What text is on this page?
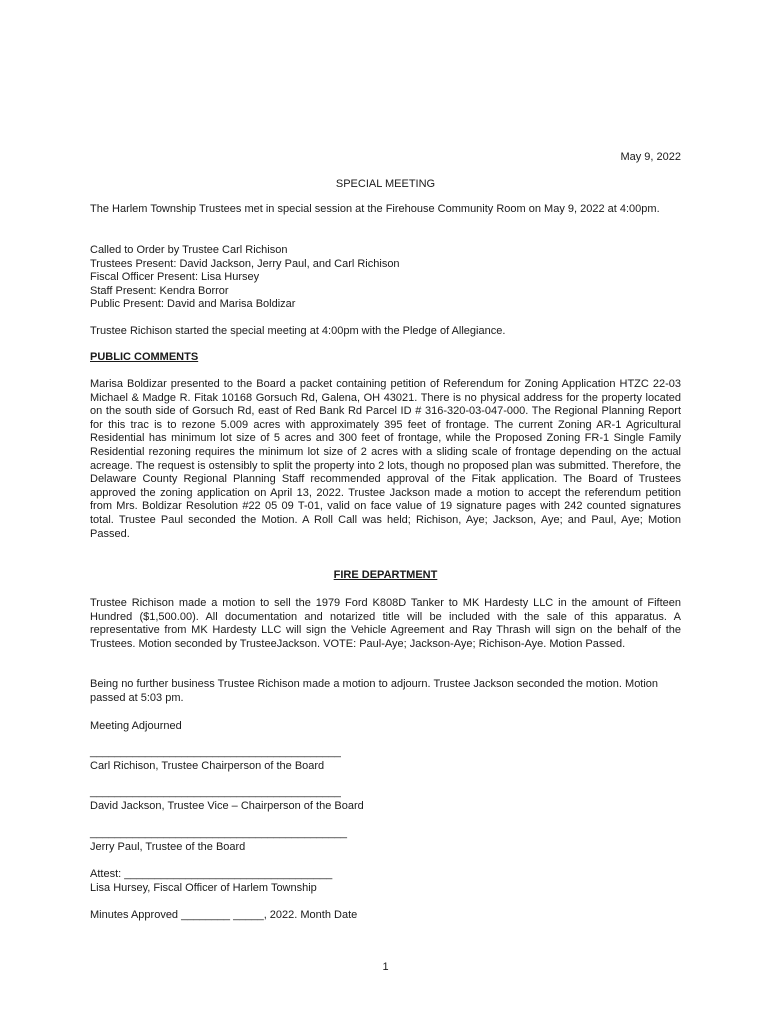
May 9, 2022
SPECIAL MEETING

The Harlem Township Trustees met in special session at the Firehouse Community Room on May 9, 2022 at 4:00pm.

Called to Order by Trustee Carl Richison
Trustees Present: David Jackson, Jerry Paul, and Carl Richison
Fiscal Officer Present: Lisa Hursey
Staff Present: Kendra Borror
Public Present: David and Marisa Boldizar

Trustee Richison started the special meeting at 4:00pm with the Pledge of Allegiance.

PUBLIC COMMENTS

Marisa Boldizar presented to the Board a packet containing petition of Referendum for Zoning Application HTZC 22-03 Michael & Madge R. Fitak 10168 Gorsuch Rd, Galena, OH 43021. There is no physical address for the property located on the south side of Gorsuch Rd, east of Red Bank Rd Parcel ID # 316-320-03-047-000. The Regional Planning Report for this trac is to rezone 5.009 acres with approximately 395 feet of frontage. The current Zoning AR-1 Agricultural Residential has minimum lot size of 5 acres and 300 feet of frontage, while the Proposed Zoning FR-1 Single Family Residential rezoning requires the minimum lot size of 2 acres with a sliding scale of frontage depending on the actual acreage. The request is ostensibly to split the property into 2 lots, though no proposed plan was submitted. Therefore, the Delaware County Regional Planning Staff recommended approval of the Fitak application. The Board of Trustees approved the zoning application on April 13, 2022. Trustee Jackson made a motion to accept the referendum petition from Mrs. Boldizar Resolution #22 05 09 T-01, valid on face value of 19 signature pages with 242 counted signatures total. Trustee Paul seconded the Motion. A Roll Call was held; Richison, Aye; Jackson, Aye; and Paul, Aye; Motion Passed.

FIRE DEPARTMENT

Trustee Richison made a motion to sell the 1979 Ford K808D Tanker to MK Hardesty LLC in the amount of Fifteen Hundred ($1,500.00). All documentation and notarized title will be included with the sale of this apparatus. A representative from MK Hardesty LLC will sign the Vehicle Agreement and Ray Thrash will sign on the behalf of the Trustees. Motion seconded by TrusteeJackson. VOTE: Paul-Aye; Jackson-Aye; Richison-Aye. Motion Passed.

Being no further business Trustee Richison made a motion to adjourn. Trustee Jackson seconded the motion. Motion passed at 5:03 pm.

Meeting Adjourned

_________________________________________
Carl Richison, Trustee Chairperson of the Board
_________________________________________
David Jackson, Trustee Vice – Chairperson of the Board
__________________________________________
Jerry Paul, Trustee of the Board
Attest: __________________________________
Lisa Hursey, Fiscal Officer of Harlem Township

Minutes Approved ________ _____, 2022. Month Date

1
